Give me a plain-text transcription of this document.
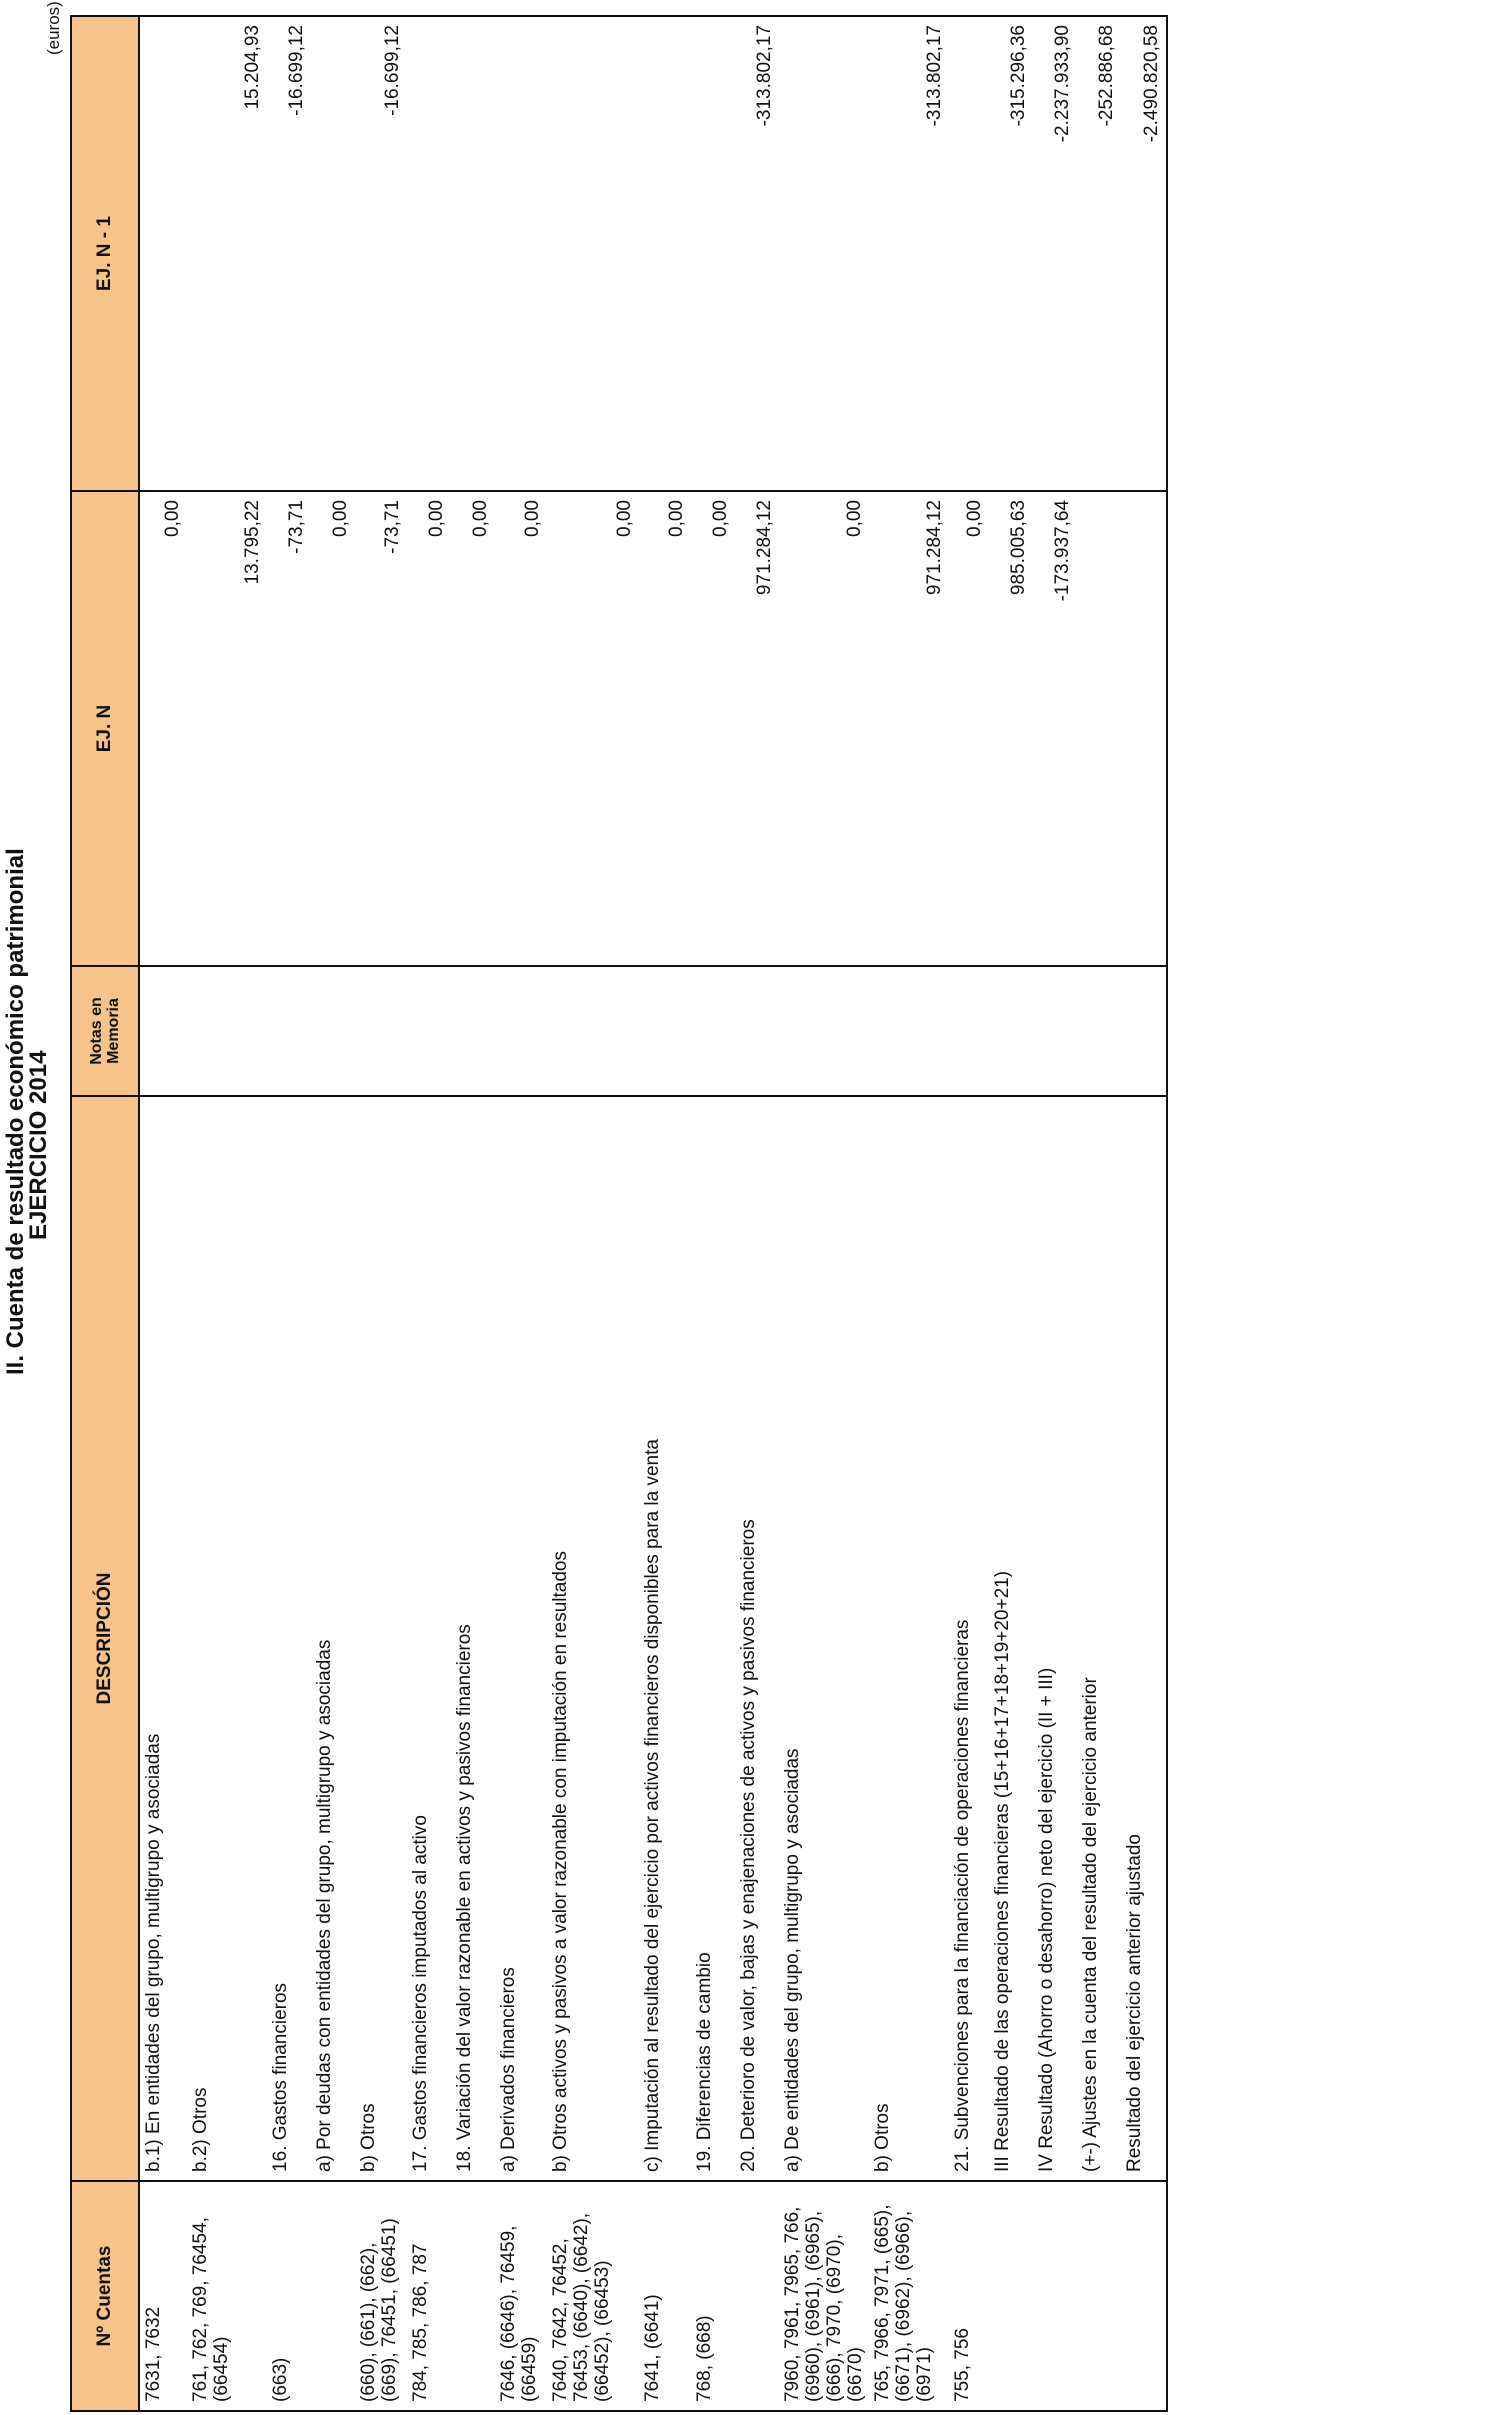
II. Cuenta de resultado económico patrimonial
EJERCICIO 2014
(euros)
Nº Cuentas	DESCRIPCIÓN	Notas en Memoria	EJ. N	EJ. N - 1
7631, 7632	b.1) En entidades del grupo, multigrupo y asociadas		0,00	
761, 762, 769, 76454, (66454)	b.2) Otros		13.795,22	15.204,93
(663)	16. Gastos financieros		-73,71	-16.699,12
	a) Por deudas con entidades del grupo, multigrupo y asociadas		0,00	
(660), (661), (662), (669), 76451, (66451)	b) Otros		-73,71	-16.699,12
784, 785, 786, 787	17. Gastos financieros imputados al activo		0,00	
	18. Variación del valor razonable en activos y pasivos financieros		0,00	
7646, (6646), 76459, (66459)	a) Derivados financieros		0,00	
7640, 7642, 76452, 76453, (6640), (6642), (66452), (66453)	b) Otros activos y pasivos a valor razonable con imputación en resultados		0,00	
7641, (6641)	c) Imputación al resultado del ejercicio por activos financieros disponibles para la venta		0,00	
768, (668)	19. Diferencias de cambio		0,00	
	20. Deterioro de valor, bajas y enajenaciones de activos y pasivos financieros		971.284,12	-313.802,17
7960, 7961, 7965, 766, (6960), (6961), (6965), (666), 7970, (6970), (6670)	a) De entidades del grupo, multigrupo y asociadas		0,00	
765, 7966, 7971, (665), (6671), (6962), (6966), (6971)	b) Otros		971.284,12	-313.802,17
755, 756	21. Subvenciones para la financiación de operaciones financieras		0,00	
	III Resultado de las operaciones financieras (15+16+17+18+19+20+21)		985.005,63	-315.296,36
	IV Resultado (Ahorro o desahorro) neto del ejercicio (II + III)		-173.937,64	-2.237.933,90
	(+-) Ajustes en la cuenta del resultado del ejercicio anterior			-252.886,68
	Resultado del ejercicio anterior ajustado			-2.490.820,58
